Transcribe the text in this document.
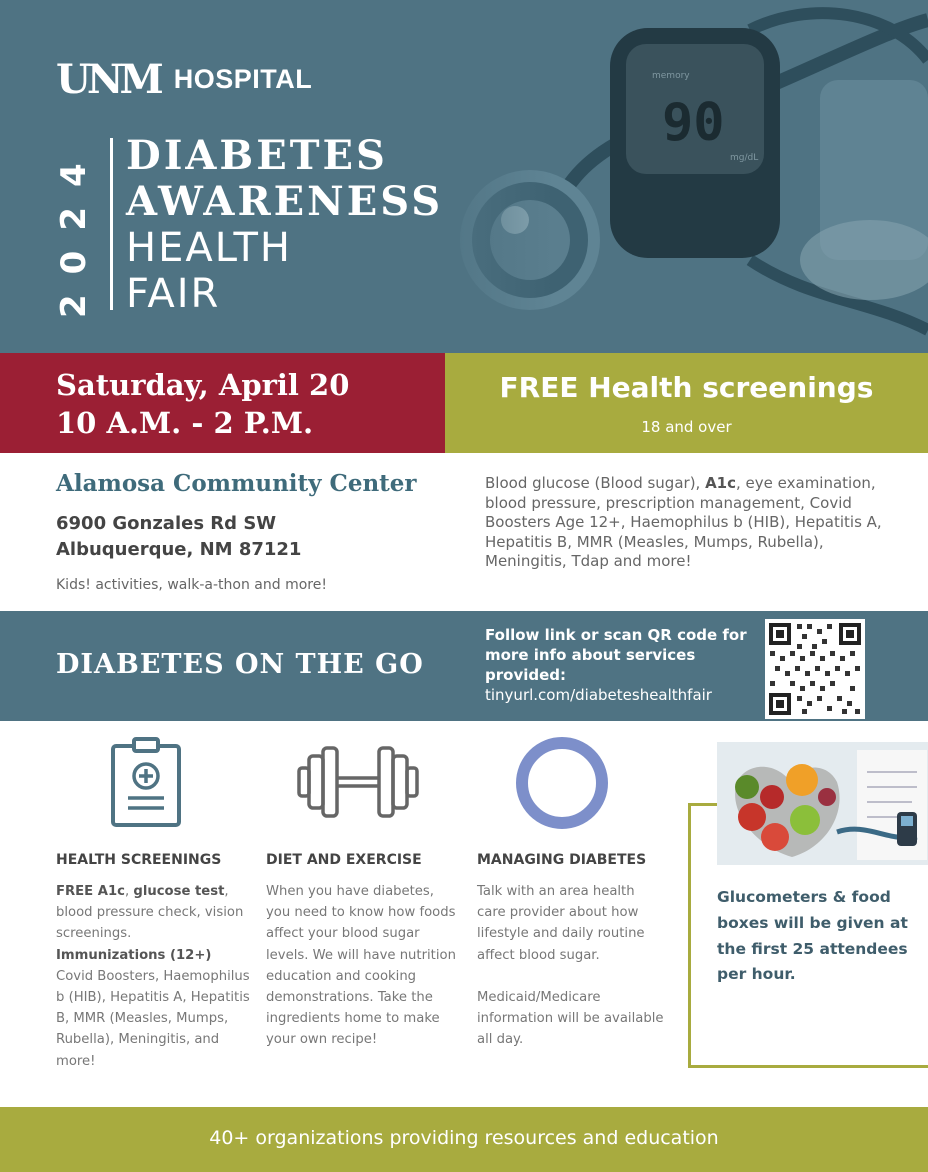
UNM HOSPITAL
2024 DIABETES
AWARENESS
HEALTH
FAIR
Saturday, April 20
10 A.M. - 2 P.M.
FREE Health screenings
18 and over
Alamosa Community Center
6900 Gonzales Rd SW
Albuquerque, NM 87121
Kids! activities, walk-a-thon and more!
Blood glucose (Blood sugar), A1c, eye examination, blood pressure, prescription management, Covid Boosters Age 12+, Haemophilus b (HIB), Hepatitis A, Hepatitis B, MMR (Measles, Mumps, Rubella), Meningitis, Tdap and more!
DIABETES ON THE GO
Follow link or scan QR code for more info about services provided:
tinyurl.com/diabeteshealthfair
HEALTH SCREENINGS
FREE A1c, glucose test, blood pressure check, vision screenings.
Immunizations (12+)
Covid Boosters, Haemophilus b (HIB), Hepatitis A, Hepatitis B, MMR (Measles, Mumps, Rubella), Meningitis, and more!
DIET AND EXERCISE
When you have diabetes, you need to know how foods affect your blood sugar levels. We will have nutrition education and cooking demonstrations. Take the ingredients home to make your own recipe!
MANAGING DIABETES
Talk with an area health care provider about how lifestyle and daily routine affect blood sugar.
Medicaid/Medicare information will be available all day.
Glucometers & food boxes will be given at the first 25 attendees per hour.
40+ organizations providing resources and education
